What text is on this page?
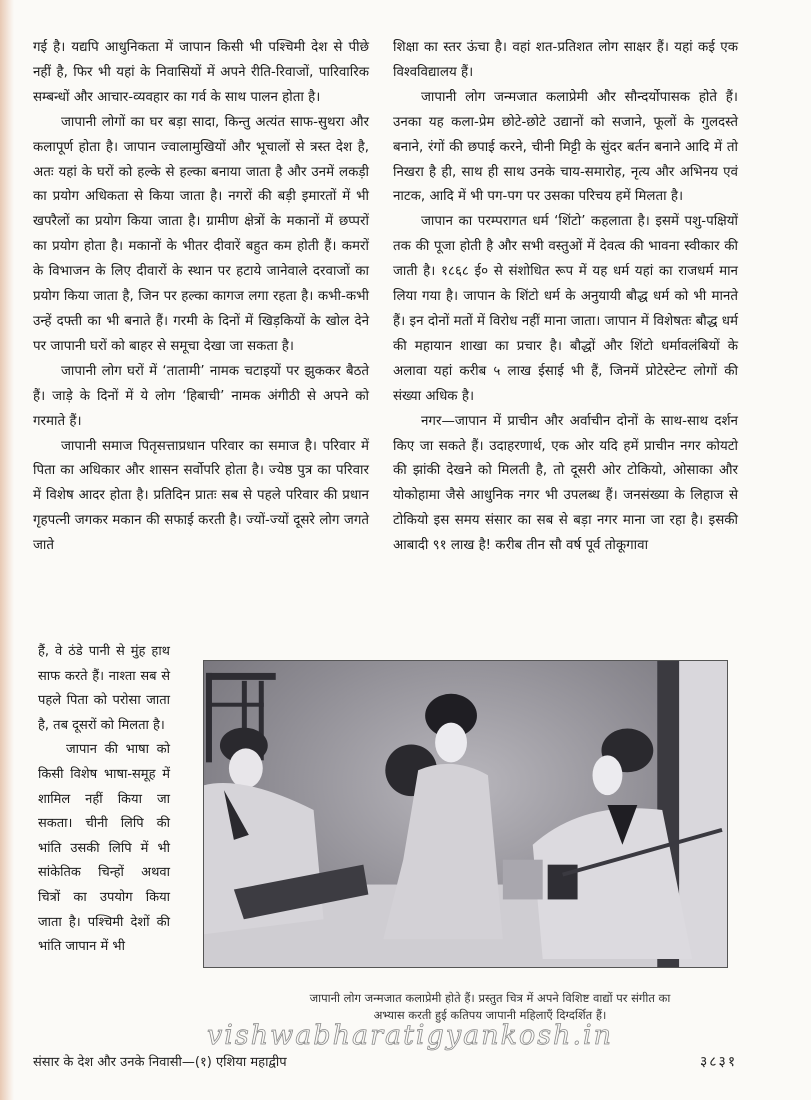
गई है। यद्यपि आधुनिकता में जापान किसी भी पश्चिमी देश से पीछे नहीं है, फिर भी यहां के निवासियों में अपने रीति-रिवाजों, पारिवारिक सम्बन्धों और आचार-व्यवहार का गर्व के साथ पालन होता है।

जापानी लोगों का घर बड़ा सादा, किन्तु अत्यंत साफ-सुथरा और कलापूर्ण होता है। जापान ज्वालामुखियों और भूचालों से त्रस्त देश है, अतः यहां के घरों को हल्के से हल्का बनाया जाता है और उनमें लकड़ी का प्रयोग अधिकता से किया जाता है। नगरों की बड़ी इमारतों में भी खपरैलों का प्रयोग किया जाता है। ग्रामीण क्षेत्रों के मकानों में छप्परों का प्रयोग होता है। मकानों के भीतर दीवारें बहुत कम होती हैं। कमरों के विभाजन के लिए दीवारों के स्थान पर हटाये जानेवाले दरवाजों का प्रयोग किया जाता है, जिन पर हल्का कागज लगा रहता है। कभी-कभी उन्हें दफ्ती का भी बनाते हैं। गरमी के दिनों में खिड़कियों के खोल देने पर जापानी घरों को बाहर से समूचा देखा जा सकता है।

जापानी लोग घरों में ‘तातामी’ नामक चटाइयों पर झुककर बैठते हैं। जाड़े के दिनों में ये लोग ‘हिबाची’ नामक अंगीठी से अपने को गरमाते हैं।

जापानी समाज पितृसत्ताप्रधान परिवार का समाज है। परिवार में पिता का अधिकार और शासन सर्वोपरि होता है। ज्येष्ठ पुत्र का परिवार में विशेष आदर होता है। प्रतिदिन प्रातः सब से पहले परिवार की प्रधान गृहपत्नी जगकर मकान की सफाई करती है। ज्यों-ज्यों दूसरे लोग जगते जाते

हैं, वे ठंडे पानी से मुंह हाथ साफ करते हैं। नाश्ता सब से पहले पिता को परोसा जाता है, तब दूसरों को मिलता है।

जापान की भाषा को किसी विशेष भाषा-समूह में शामिल नहीं किया जा सकता। चीनी लिपि की भांति उसकी लिपि में भी सांकेतिक चिन्हों अथवा चित्रों का उपयोग किया जाता है। पश्चिमी देशों की भांति जापान में भी

शिक्षा का स्तर ऊंचा है। वहां शत-प्रतिशत लोग साक्षर हैं। यहां कई एक विश्वविद्यालय हैं।

जापानी लोग जन्मजात कलाप्रेमी और सौन्दर्योपासक होते हैं। उनका यह कला-प्रेम छोटे-छोटे उद्यानों को सजाने, फूलों के गुलदस्ते बनाने, रंगों की छपाई करने, चीनी मिट्टी के सुंदर बर्तन बनाने आदि में तो निखरा है ही, साथ ही साथ उनके चाय-समारोह, नृत्य और अभिनय एवं नाटक, आदि में भी पग-पग पर उसका परिचय हमें मिलता है।

जापान का परम्परागत धर्म ‘शिंटो’ कहलाता है। इसमें पशु-पक्षियों तक की पूजा होती है और सभी वस्तुओं में देवत्व की भावना स्वीकार की जाती है। १८६८ ई० से संशोधित रूप में यह धर्म यहां का राजधर्म मान लिया गया है। जापान के शिंटो धर्म के अनुयायी बौद्ध धर्म को भी मानते हैं। इन दोनों मतों में विरोध नहीं माना जाता। जापान में विशेषतः बौद्ध धर्म की महायान शाखा का प्रचार है। बौद्धों और शिंटो धर्मावलंबियों के अलावा यहां करीब ५ लाख ईसाई भी हैं, जिनमें प्रोटेस्टेन्ट लोगों की संख्या अधिक है।

नगर—जापान में प्राचीन और अर्वाचीन दोनों के साथ-साथ दर्शन किए जा सकते हैं। उदाहरणार्थ, एक ओर यदि हमें प्राचीन नगर कोयटो की झांकी देखने को मिलती है, तो दूसरी ओर टोकियो, ओसाका और योकोहामा जैसे आधुनिक नगर भी उपलब्ध हैं। जनसंख्या के लिहाज से टोकियो इस समय संसार का सब से बड़ा नगर माना जा रहा है। इसकी आबादी ९१ लाख है! करीब तीन सौ वर्ष पूर्व तोकूगावा

जापानी लोग जन्मजात कलाप्रेमी होते हैं। प्रस्तुत चित्र में अपने विशिष्ट वाद्यों पर संगीत का
अभ्यास करती हुई कतिपय जापानी महिलाएँ दिग्दर्शित हैं।
vishwabharatigyankosh.in
संसार के देश और उनके निवासी—(१) एशिया महाद्वीप	३८३१
